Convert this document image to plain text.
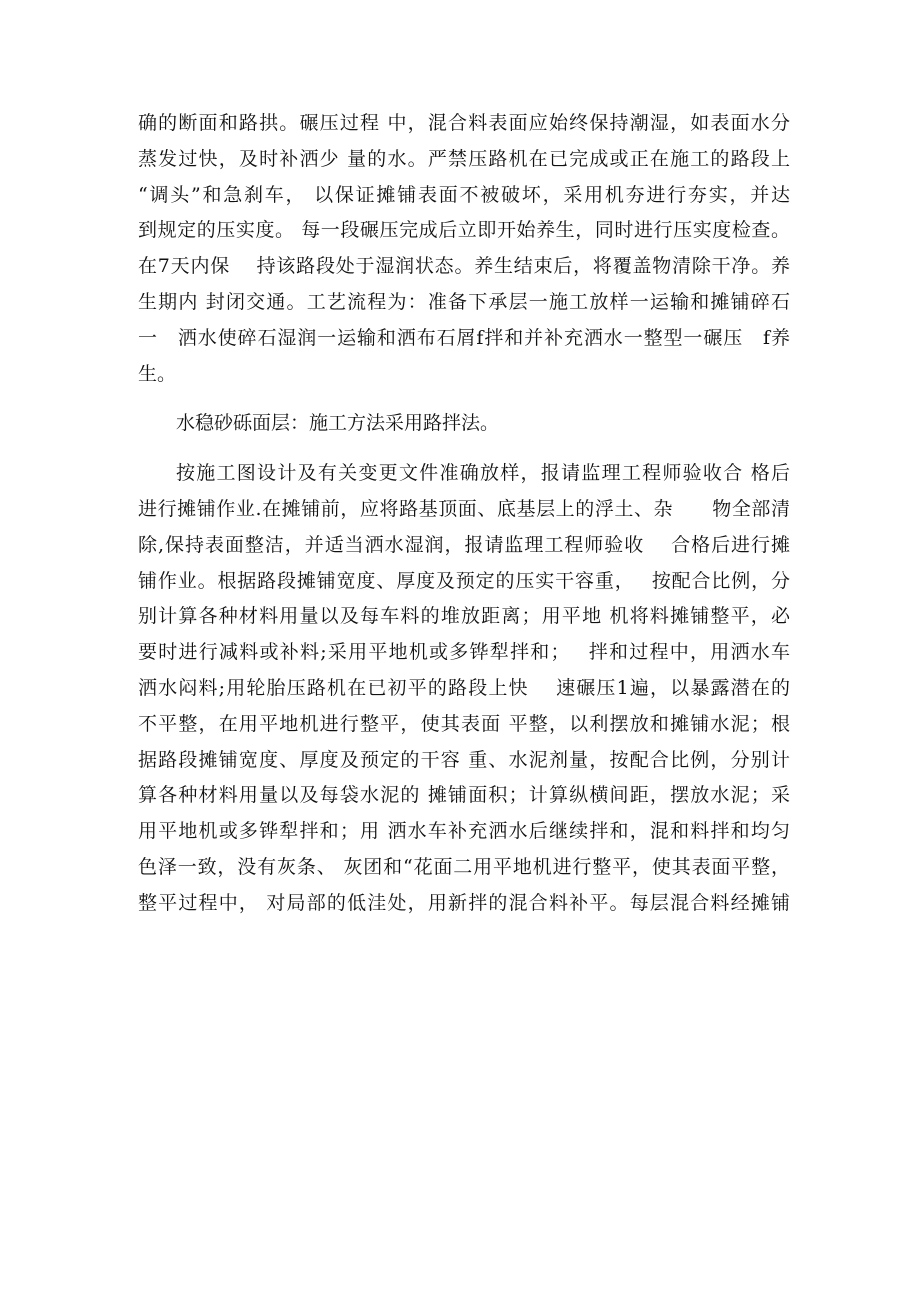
确的断面和路拱。碾压过程 中，混合料表面应始终保持潮湿，如表面水分
蒸发过快，及时补洒少 量的水。严禁压路机在已完成或正在施工的路段上
“调头”和急刹车， 以保证摊铺表面不被破坏，采用机夯进行夯实，并达
到规定的压实度。 每一段碾压完成后立即开始养生，同时进行压实度检查。
在7天内保　 持该路段处于湿润状态。养生结束后，将覆盖物清除干净。养
生期内 封闭交通。工艺流程为：准备下承层一施工放样一运输和摊铺碎石
一　洒水使碎石湿润一运输和洒布石屑f拌和并补充洒水一整型一碾压　f养
生。
水稳砂砾面层：施工方法采用路拌法。
按施工图设计及有关变更文件准确放样，报请监理工程师验收合 格后
进行摊铺作业.在摊铺前，应将路基顶面、底基层上的浮土、杂　　物全部清
除,保持表面整洁，并适当洒水湿润，报请监理工程师验收　 合格后进行摊
铺作业。根据路段摊铺宽度、厚度及预定的压实干容重，　 按配合比例，分
别计算各种材料用量以及每车料的堆放距离；用平地 机将料摊铺整平，必
要时进行减料或补料;采用平地机或多铧犁拌和；　 拌和过程中，用洒水车
洒水闷料;用轮胎压路机在已初平的路段上快　 速碾压1遍，以暴露潜在的
不平整，在用平地机进行整平，使其表面 平整，以利摆放和摊铺水泥；根
据路段摊铺宽度、厚度及预定的干容 重、水泥剂量，按配合比例，分别计
算各种材料用量以及每袋水泥的 摊铺面积；计算纵横间距，摆放水泥；采
用平地机或多铧犁拌和；用 洒水车补充洒水后继续拌和，混和料拌和均匀
色泽一致，没有灰条、 灰团和“花面二用平地机进行整平，使其表面平整，
整平过程中， 对局部的低洼处，用新拌的混合料补平。每层混合料经摊铺
